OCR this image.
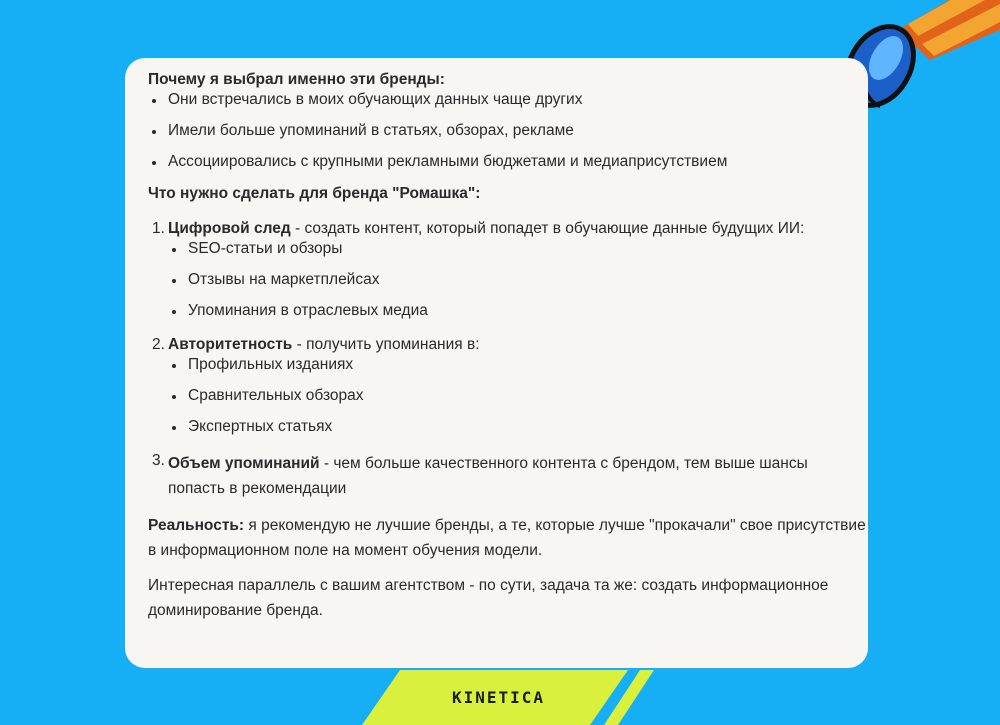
Почему я выбрал именно эти бренды:

Они встречались в моих обучающих данных чаще других
Имели больше упоминаний в статьях, обзорах, рекламе
Ассоциировались с крупными рекламными бюджетами и медиаприсутствием

Что нужно сделать для бренда "Ромашка":

1. Цифровой след - создать контент, который попадет в обучающие данные будущих ИИ:
SEO-статьи и обзоры
Отзывы на маркетплейсах
Упоминания в отраслевых медиа
2. Авторитетность - получить упоминания в:
Профильных изданиях
Сравнительных обзорах
Экспертных статьях
3. Объем упоминаний - чем больше качественного контента с брендом, тем выше шансы попасть в рекомендации

Реальность: я рекомендую не лучшие бренды, а те, которые лучше "прокачали" свое присутствие в информационном поле на момент обучения модели.

Интересная параллель с вашим агентством - по сути, задача та же: создать информационное доминирование бренда.

KINETICA
